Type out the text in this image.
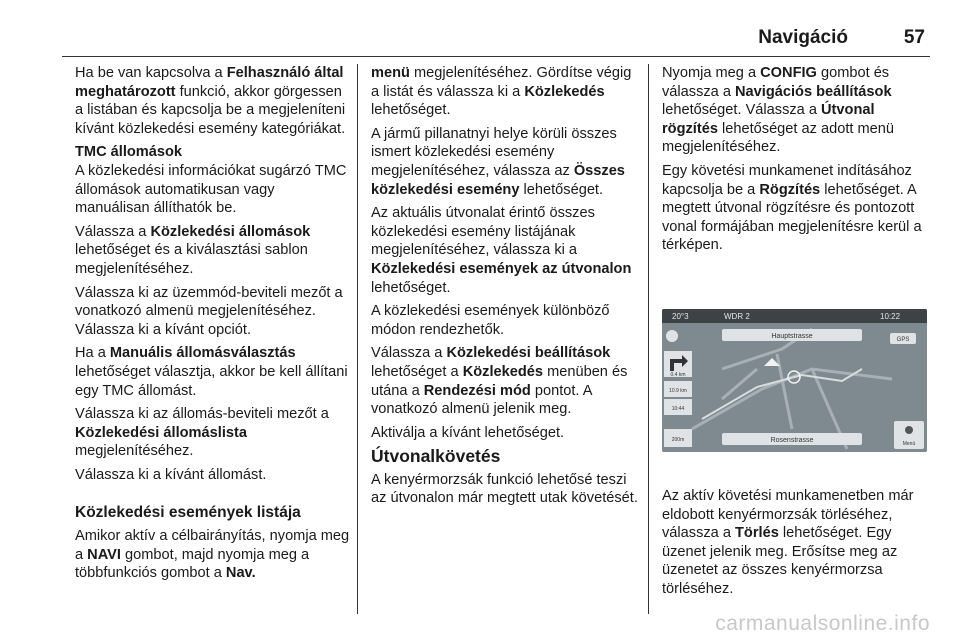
Navigáció	57

Ha be van kapcsolva a Felhasználó által meghatározott funkció, akkor görgessen a listában és kapcsolja be a megjeleníteni kívánt közlekedési esemény kategóriákat.

TMC állomások
A közlekedési információkat sugárzó TMC állomások automatikusan vagy manuálisan állíthatók be.

Válassza a Közlekedési állomások lehetőséget és a kiválasztási sablon megjelenítéséhez.

Válassza ki az üzemmód-beviteli mezőt a vonatkozó almenü megjelenítéséhez. Válassza ki a kívánt opciót.

Ha a Manuális állomásválasztás lehetőséget választja, akkor be kell állítani egy TMC állomást.

Válassza ki az állomás-beviteli mezőt a Közlekedési állomáslista megjelenítéséhez.

Válassza ki a kívánt állomást.

Közlekedési események listája

Amikor aktív a célbairányítás, nyomja meg a NAVI gombot, majd nyomja meg a többfunkciós gombot a Nav.

menü megjelenítéséhez. Gördítse végig a listát és válassza ki a Közlekedés lehetőséget.

A jármű pillanatnyi helye körüli összes ismert közlekedési esemény megjelenítéséhez, válassza az Összes közlekedési esemény lehetőséget.

Az aktuális útvonalat érintő összes közlekedési esemény listájának megjelenítéséhez, válassza ki a Közlekedési események az útvonalon lehetőséget.

A közlekedési események különböző módon rendezhetők.

Válassza a Közlekedési beállítások lehetőséget a Közlekedés menüben és utána a Rendezési mód pontot. A vonatkozó almenü jelenik meg.

Aktiválja a kívánt lehetőséget.

Útvonalkövetés

A kenyérmorzsák funkció lehetősé teszi az útvonalon már megtett utak követését.

Nyomja meg a CONFIG gombot és válassza a Navigációs beállítások lehetőséget. Válassza a Útvonal rögzítés lehetőséget az adott menü megjelenítéséhez.

Egy követési munkamenet indításához kapcsolja be a Rögzítés lehetőséget. A megtett útvonal rögzítésre és pontozott vonal formájában megjelenítésre kerül a térképen.

Az aktív követési munkamenetben már eldobott kenyérmorzsák törléséhez, válassza a Törlés lehetőséget. Egy üzenet jelenik meg. Erősítse meg az üzenetet az összes kenyérmorzsa törléséhez.

20°3	WDR 2	10:22
Hauptstrasse	GPS
0.4 km
10.9 km
10:44
200m	Rosenstrasse	Menü
carmanualsonline.info
